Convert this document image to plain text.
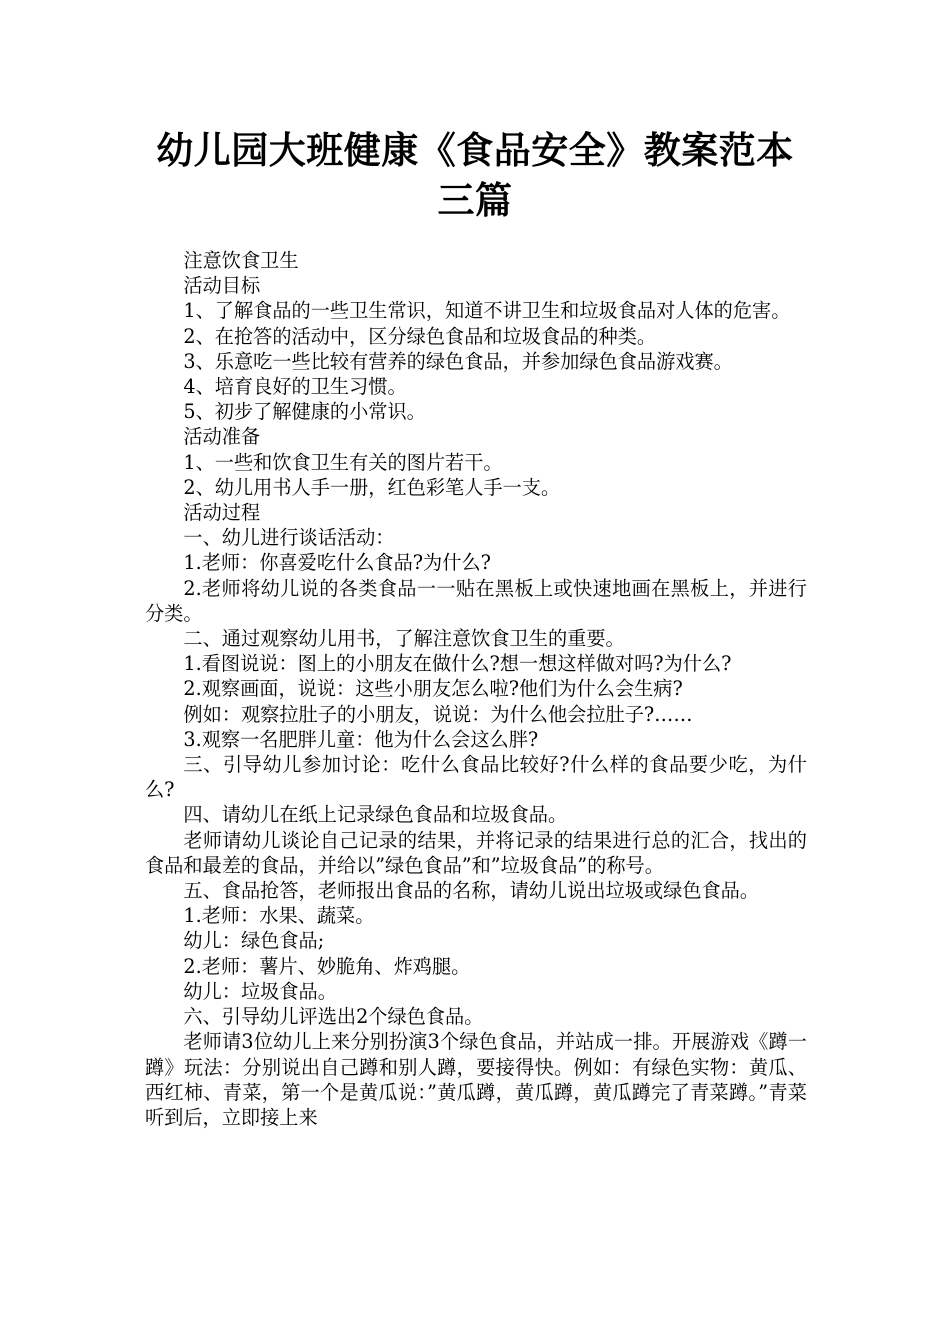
幼儿园大班健康《食品安全》教案范本
三篇

注意饮食卫生

活动目标

1、了解食品的一些卫生常识，知道不讲卫生和垃圾食品对人体的危害。

2、在抢答的活动中，区分绿色食品和垃圾食品的种类。

3、乐意吃一些比较有营养的绿色食品，并参加绿色食品游戏赛。

4、培育良好的卫生习惯。

5、初步了解健康的小常识。

活动准备

1、一些和饮食卫生有关的图片若干。

2、幼儿用书人手一册，红色彩笔人手一支。

活动过程

一、幼儿进行谈话活动：

1.老师：你喜爱吃什么食品?为什么?

2.老师将幼儿说的各类食品一一贴在黑板上或快速地画在黑板上，并进行分类。

二、通过观察幼儿用书，了解注意饮食卫生的重要。

1.看图说说：图上的小朋友在做什么?想一想这样做对吗?为什么?

2.观察画面，说说：这些小朋友怎么啦?他们为什么会生病?

例如：观察拉肚子的小朋友，说说：为什么他会拉肚子?……

3.观察一名肥胖儿童：他为什么会这么胖?

三、引导幼儿参加讨论：吃什么食品比较好?什么样的食品要少吃，为什么?

四、请幼儿在纸上记录绿色食品和垃圾食品。

老师请幼儿谈论自己记录的结果，并将记录的结果进行总的汇合，找出的食品和最差的食品，并给以”绿色食品”和”垃圾食品”的称号。

五、食品抢答，老师报出食品的名称，请幼儿说出垃圾或绿色食品。

1.老师：水果、蔬菜。

幼儿：绿色食品;

2.老师：薯片、妙脆角、炸鸡腿。

幼儿：垃圾食品。

六、引导幼儿评选出2个绿色食品。

老师请3位幼儿上来分别扮演3个绿色食品，并站成一排。开展游戏《蹲一蹲》玩法：分别说出自己蹲和别人蹲，要接得快。例如：有绿色实物：黄瓜、西红柿、青菜，第一个是黄瓜说：”黄瓜蹲，黄瓜蹲，黄瓜蹲完了青菜蹲。”青菜听到后，立即接上来
